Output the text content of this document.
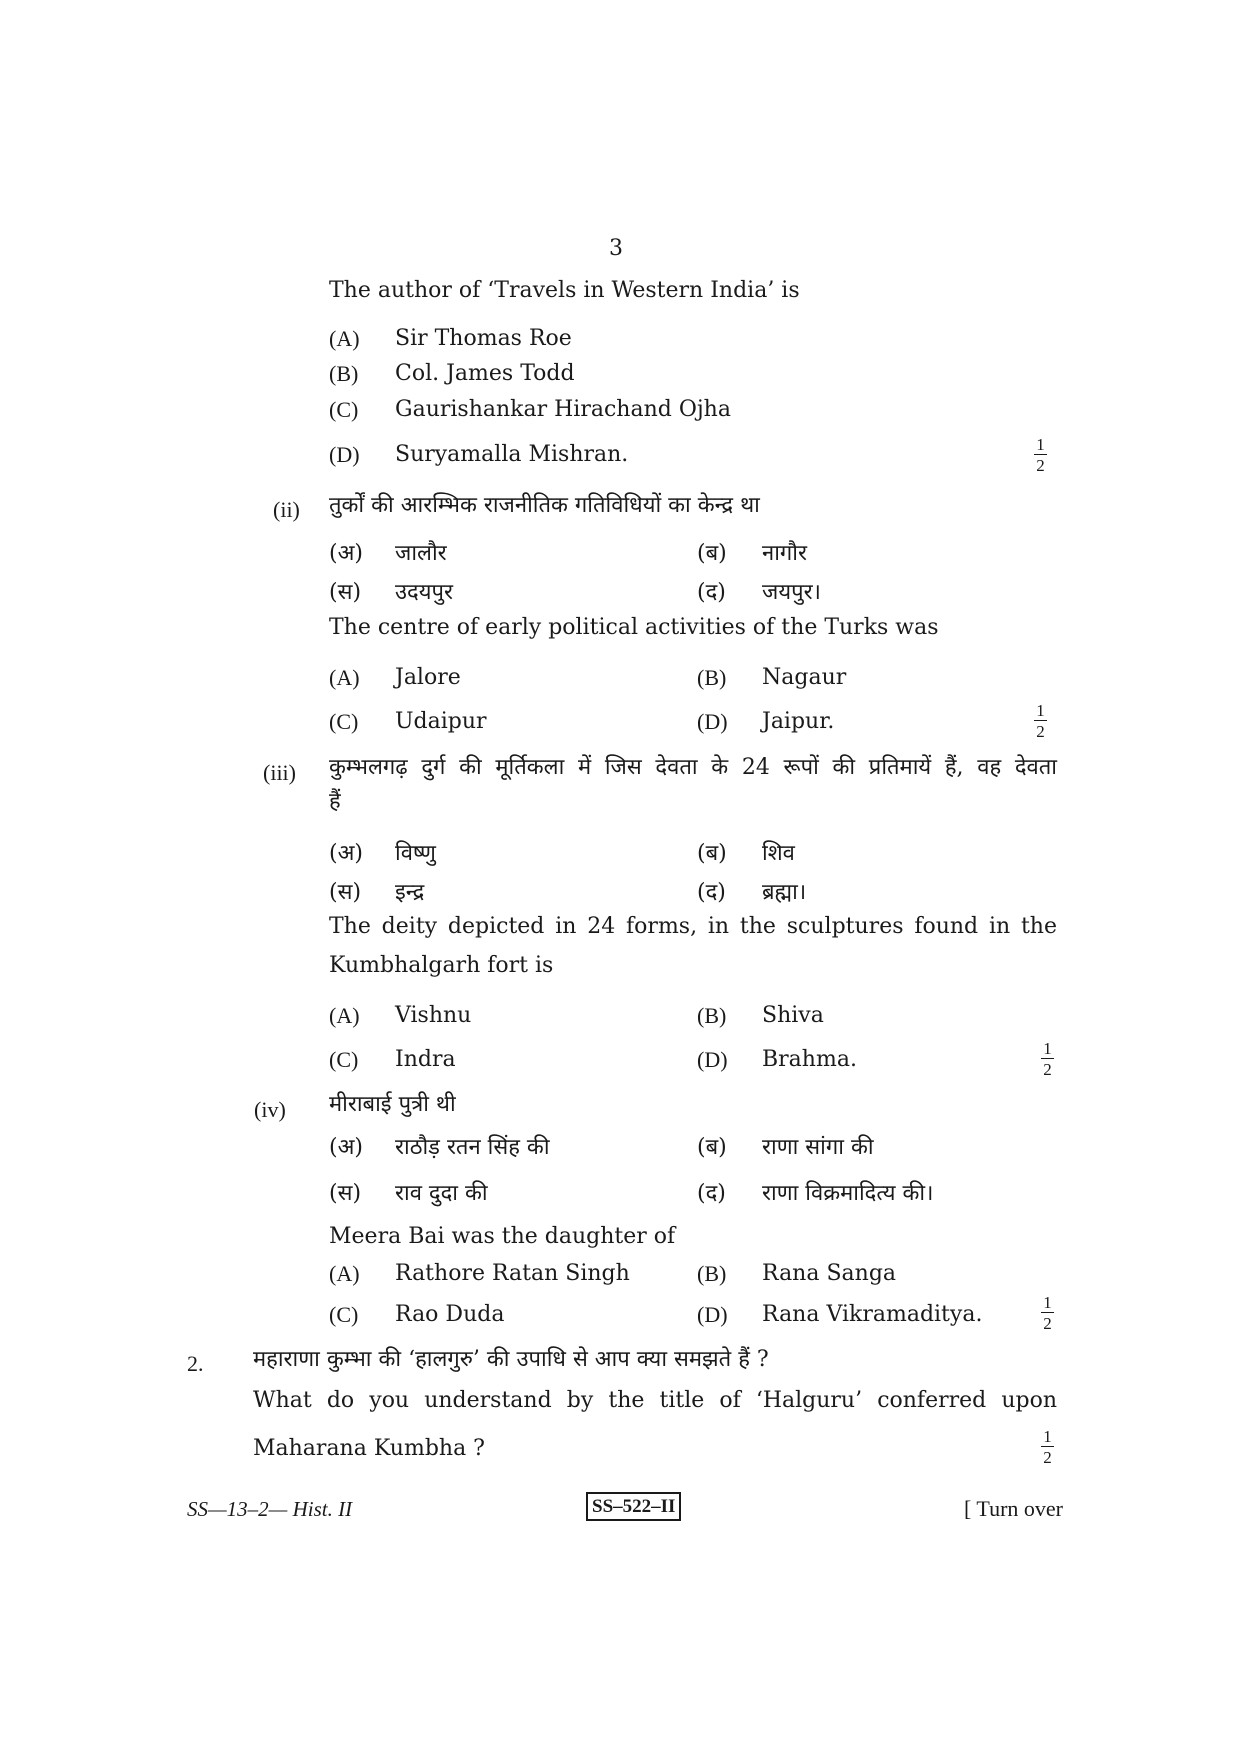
3
The author of ‘Travels in Western India’ is
(A) Sir Thomas Roe
(B) Col. James Todd
(C) Gaurishankar Hirachand Ojha
(D) Suryamalla Mishran.	1
2
(ii) तुर्कों की आरम्भिक राजनीतिक गतिविधियों का केन्द्र था
(अ) जालौर	(ब) नागौर
(स) उदयपुर	(द) जयपुर।
The centre of early political activities of the Turks was
(A) Jalore	(B) Nagaur
(C) Udaipur	(D) Jaipur.	1
2
(iii) कुम्भलगढ़ दुर्ग की मूर्तिकला में जिस देवता के 24 रूपों की प्रतिमायें हैं, वह देवता
हैं
(अ) विष्णु	(ब) शिव
(स) इन्द्र	(द) ब्रह्मा।
The deity depicted in 24 forms, in the sculptures found in the
Kumbhalgarh fort is
(A) Vishnu	(B) Shiva
(C) Indra	(D) Brahma.	1
2
(iv) मीराबाई पुत्री थी
(अ) राठौड़ रतन सिंह की	(ब) राणा सांगा की
(स) राव दुदा की	(द) राणा विक्रमादित्य की।
Meera Bai was the daughter of
(A) Rathore Ratan Singh	(B) Rana Sanga
(C) Rao Duda	(D) Rana Vikramaditya.	1
2
2. महाराणा कुम्भा की ‘हालगुरु’ की उपाधि से आप क्या समझते हैं ?
What do you understand by the title of ‘Halguru’ conferred upon
Maharana Kumbha ?	1
2
SS—13–2— Hist. II	SS–522–II	[ Turn over
